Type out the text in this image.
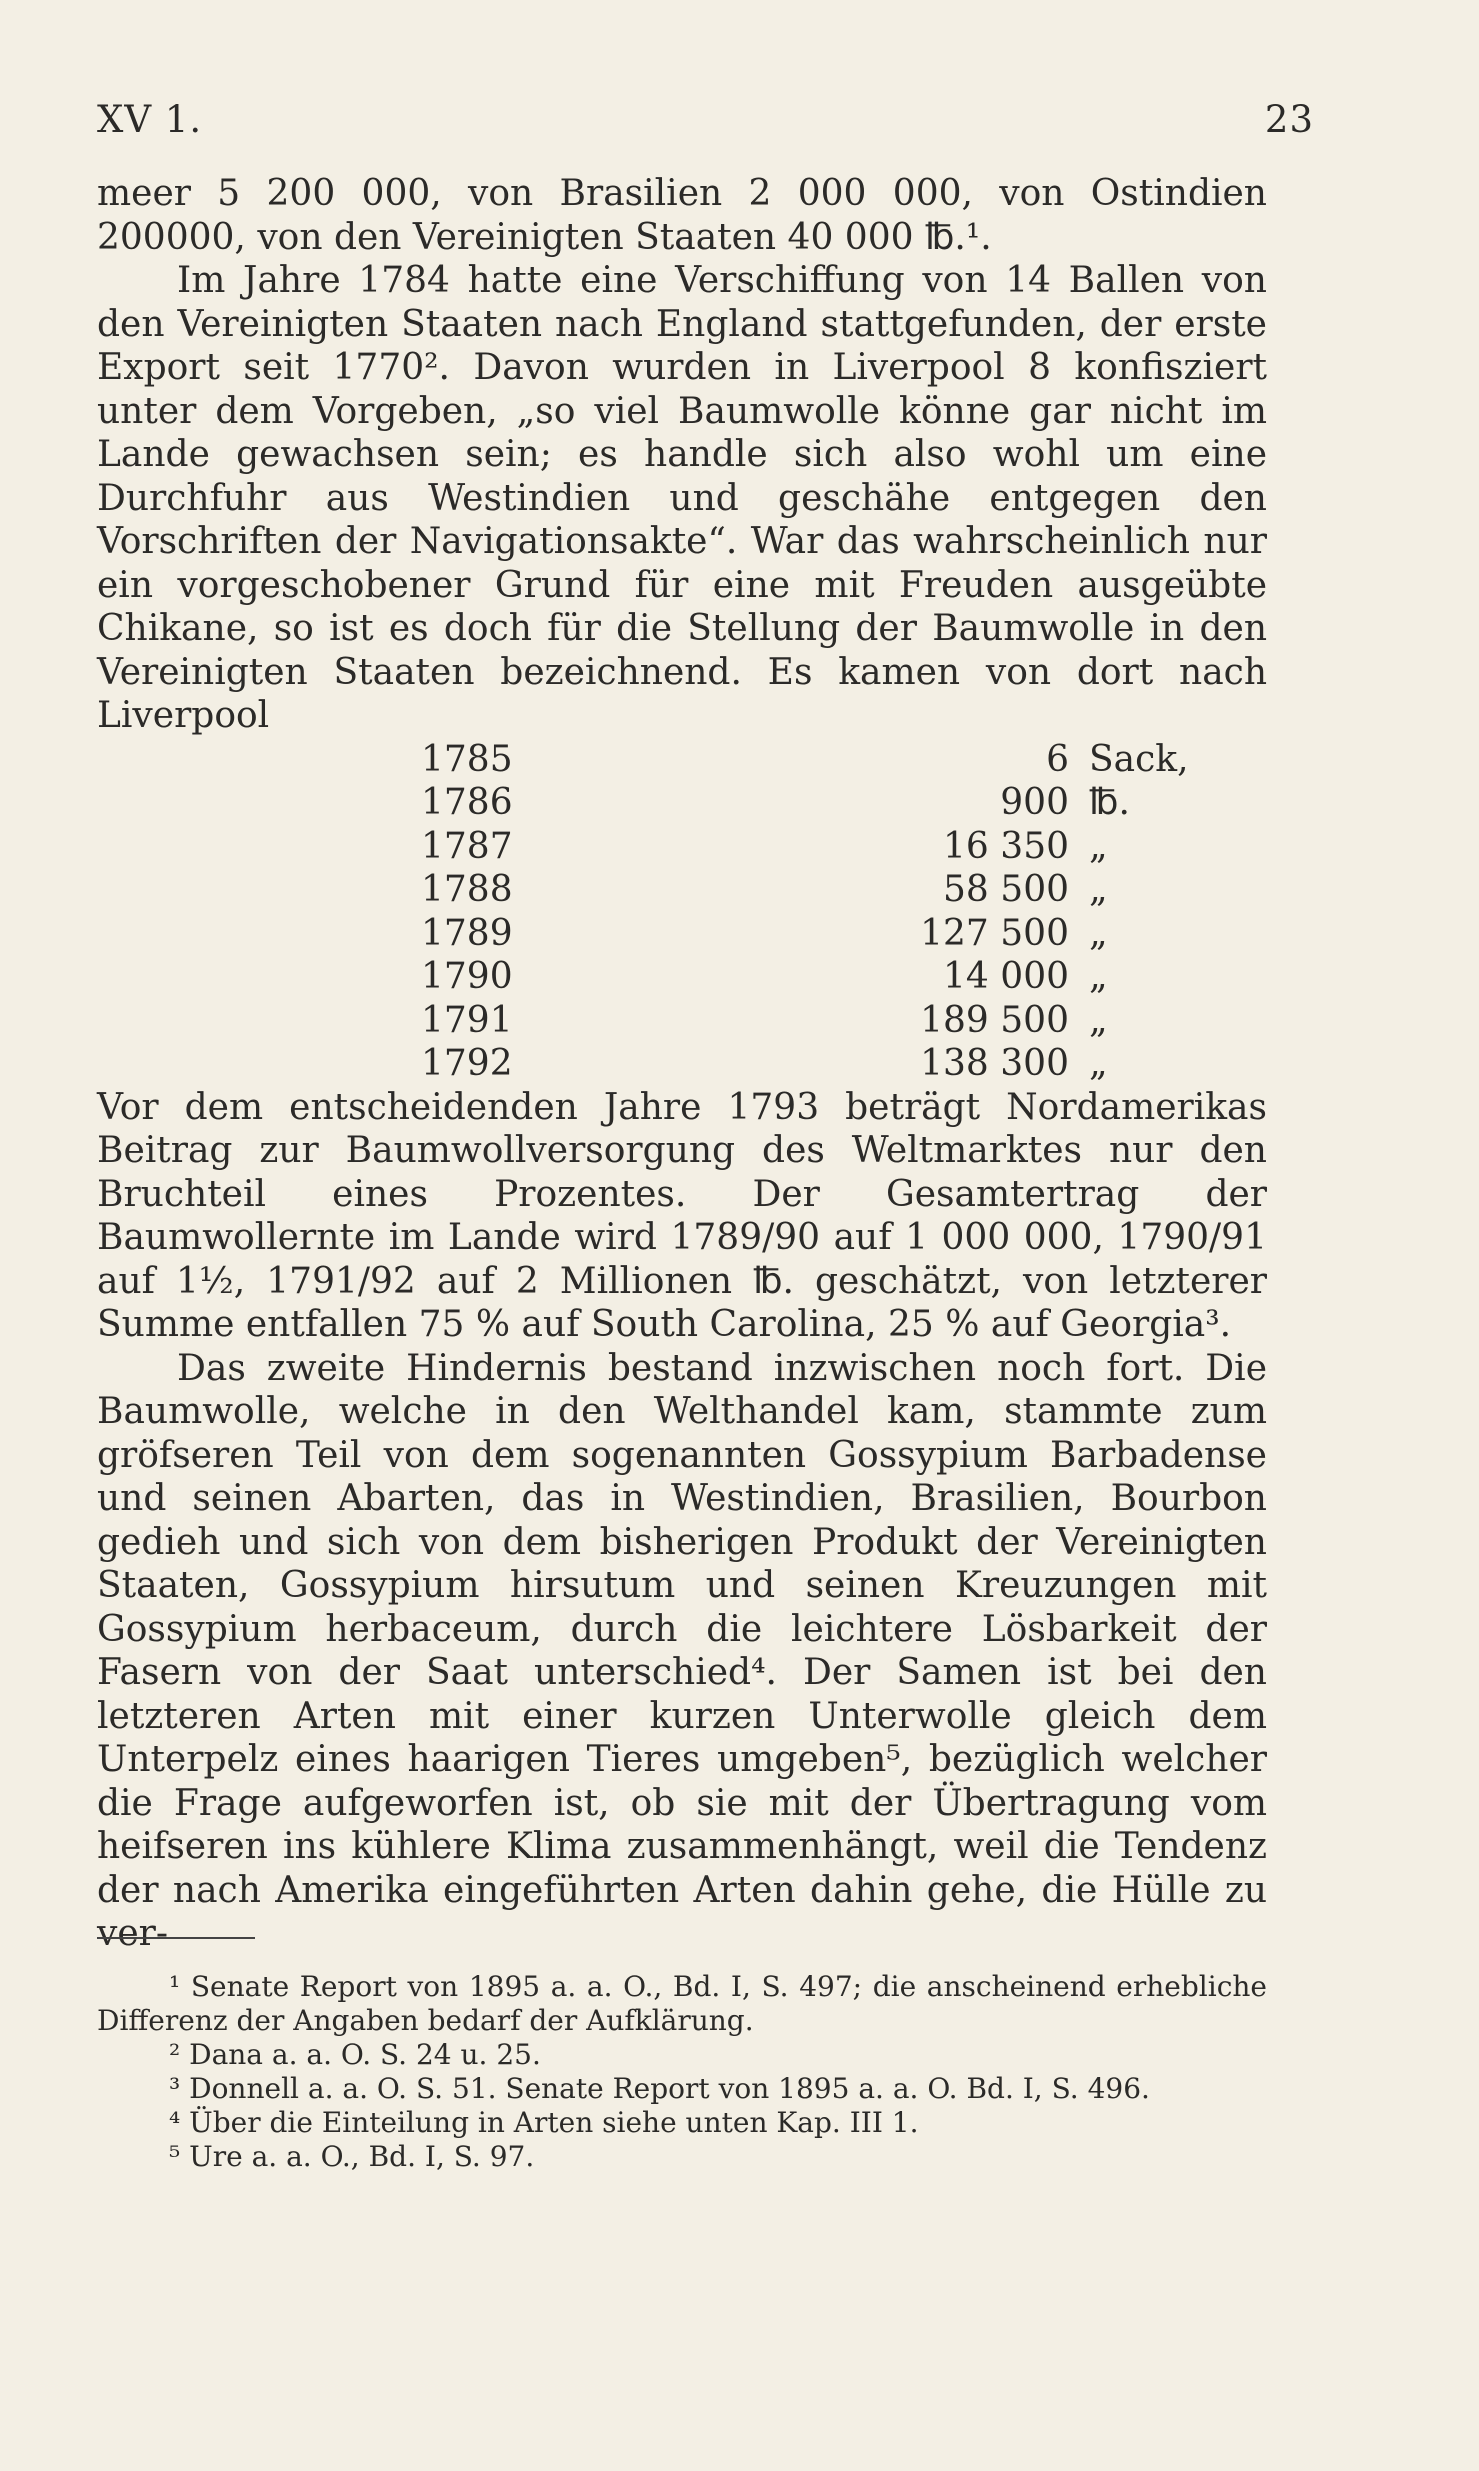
XV 1.	23

meer 5 200 000, von Brasilien 2 000 000, von Ostindien 200000, von den Vereinigten Staaten 40 000 ℔.¹.

Im Jahre 1784 hatte eine Verschiffung von 14 Ballen von den Vereinigten Staaten nach England stattgefunden, der erste Export seit 1770². Davon wurden in Liverpool 8 konfisziert unter dem Vorgeben, „so viel Baumwolle könne gar nicht im Lande gewachsen sein; es handle sich also wohl um eine Durchfuhr aus Westindien und geschähe entgegen den Vorschriften der Navigationsakte“. War das wahrscheinlich nur ein vorgeschobener Grund für eine mit Freuden ausgeübte Chikane, so ist es doch für die Stellung der Baumwolle in den Vereinigten Staaten bezeichnend. Es kamen von dort nach Liverpool

1785	6 Sack,
1786	900 ℔.
1787	16 350 „
1788	58 500 „
1789	127 500 „
1790	14 000 „
1791	189 500 „
1792	138 300 „

Vor dem entscheidenden Jahre 1793 beträgt Nordamerikas Beitrag zur Baumwollversorgung des Weltmarktes nur den Bruchteil eines Prozentes. Der Gesamtertrag der Baumwollernte im Lande wird 1789/90 auf 1 000 000, 1790/91 auf 1½, 1791/92 auf 2 Millionen ℔. geschätzt, von letzterer Summe entfallen 75 % auf South Carolina, 25 % auf Georgia³.

Das zweite Hindernis bestand inzwischen noch fort. Die Baumwolle, welche in den Welthandel kam, stammte zum gröfseren Teil von dem sogenannten Gossypium Barbadense und seinen Abarten, das in Westindien, Brasilien, Bourbon gedieh und sich von dem bisherigen Produkt der Vereinigten Staaten, Gossypium hirsutum und seinen Kreuzungen mit Gossypium herbaceum, durch die leichtere Lösbarkeit der Fasern von der Saat unterschied⁴. Der Samen ist bei den letzteren Arten mit einer kurzen Unterwolle gleich dem Unterpelz eines haarigen Tieres umgeben⁵, bezüglich welcher die Frage aufgeworfen ist, ob sie mit der Übertragung vom heifseren ins kühlere Klima zusammenhängt, weil die Tendenz der nach Amerika eingeführten Arten dahin gehe, die Hülle zu ver-

¹ Senate Report von 1895 a. a. O., Bd. I, S. 497; die anscheinend erhebliche Differenz der Angaben bedarf der Aufklärung.

² Dana a. a. O. S. 24 u. 25.

³ Donnell a. a. O. S. 51. Senate Report von 1895 a. a. O. Bd. I, S. 496.

⁴ Über die Einteilung in Arten siehe unten Kap. III 1.

⁵ Ure a. a. O., Bd. I, S. 97.
